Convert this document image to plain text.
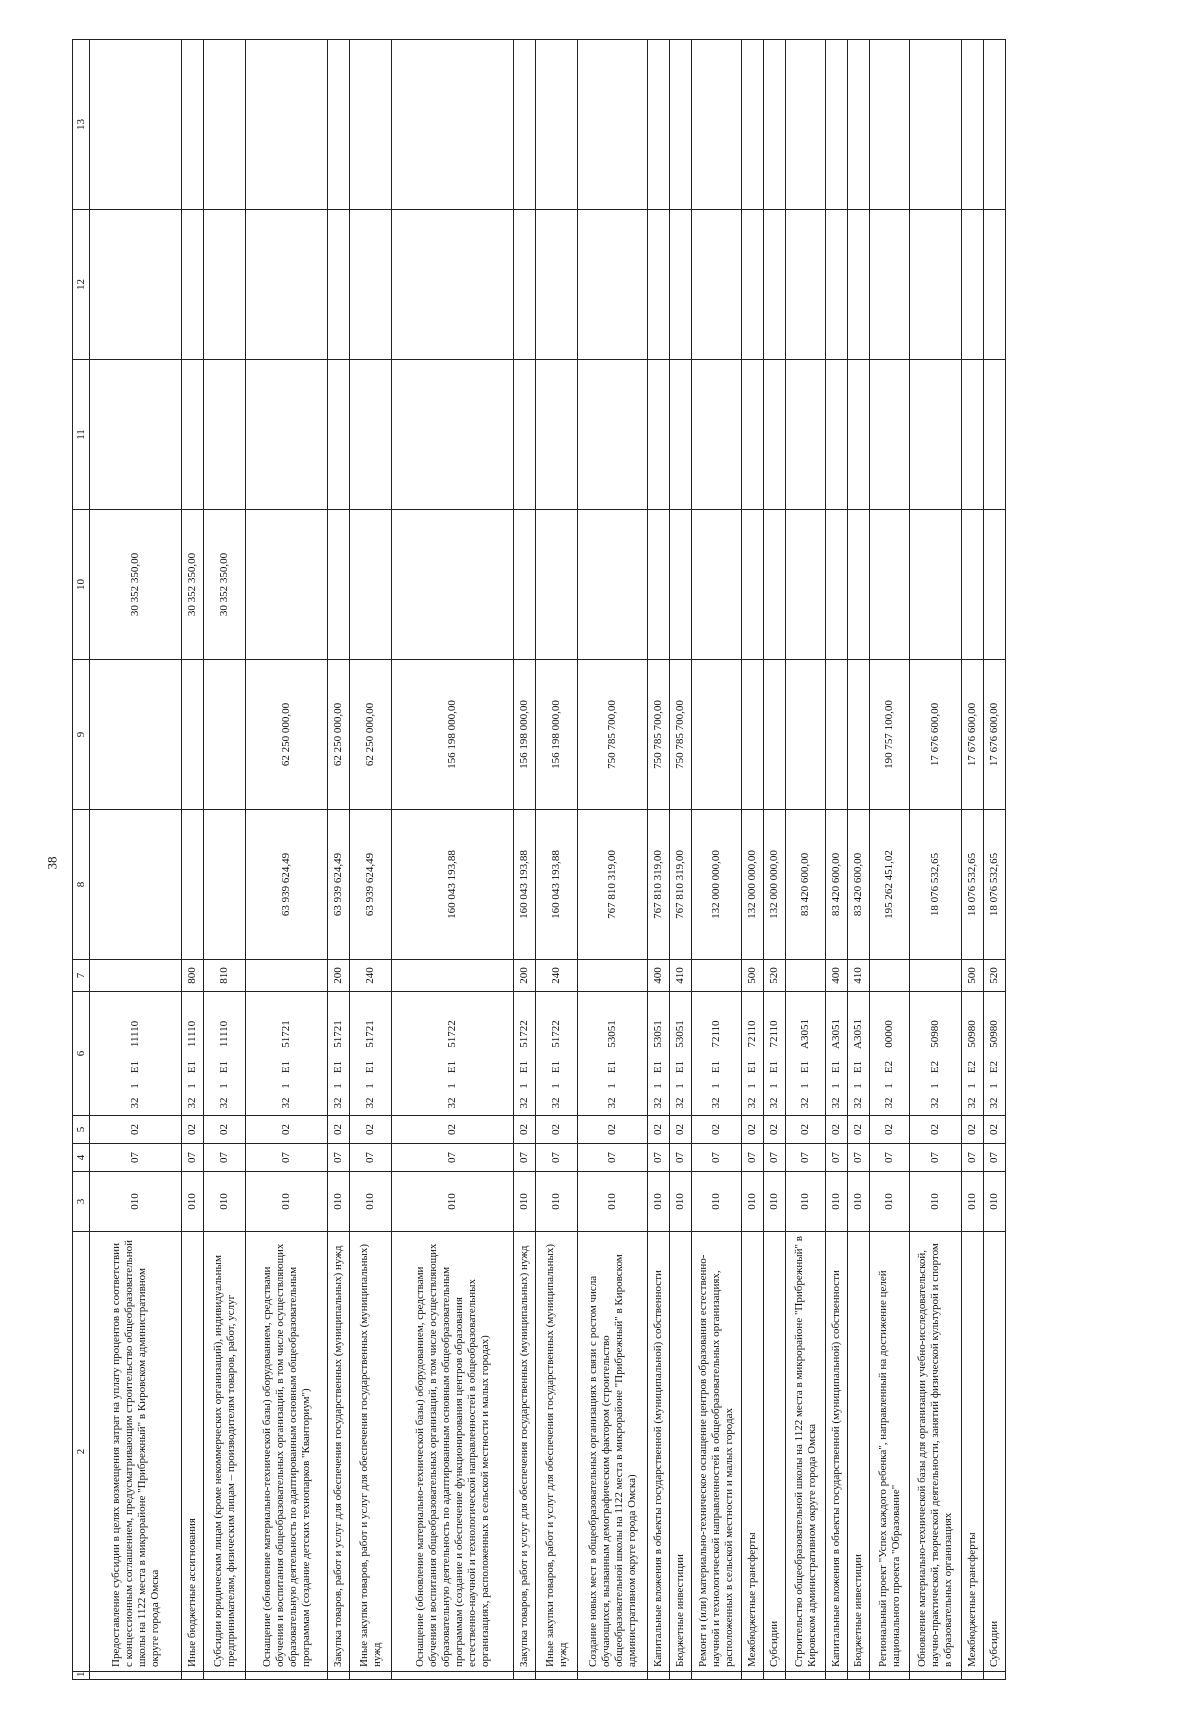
38
1	2	3	4	5	6	7	8	9	10	11	12	13
	Предоставление субсидии в целях возмещения затрат на уплату процентов в соответствии с концессионным соглашением, предусматривающим строительство общеобразовательной школы на 1122 места в микрорайоне "Прибрежный" в Кировском административном округе города Омска	010	07	02	321E111110				30 352 350,00			
	Иные бюджетные ассигнования	010	07	02	321E111110	800			30 352 350,00			
	Субсидии юридическим лицам (кроме некоммерческих организаций), индивидуальным предпринимателям, физическим лицам – производителям товаров, работ, услуг	010	07	02	321E111110	810			30 352 350,00			
	Оснащение (обновление материально-технической базы) оборудованием, средствами обучения и воспитания общеобразовательных организаций, в том числе осуществляющих образовательную деятельность по адаптированным основным общеобразовательным программам (создание детских технопарков "Кванториум")	010	07	02	321E151721		63 939 624,49	62 250 000,00				
	Закупка товаров, работ и услуг для обеспечения государственных (муниципальных) нужд	010	07	02	321E151721	200	63 939 624,49	62 250 000,00				
	Иные закупки товаров, работ и услуг для обеспечения государственных (муниципальных) нужд	010	07	02	321E151721	240	63 939 624,49	62 250 000,00				
	Оснащение (обновление материально-технической базы) оборудованием, средствами обучения и воспитания общеобразовательных организаций, в том числе осуществляющих образовательную деятельность по адаптированным основным общеобразовательным программам (создание и обеспечение функционирования центров образования естественно-научной и технологической направленностей в общеобразовательных организациях, расположенных в сельской местности и малых городах)	010	07	02	321E151722		160 043 193,88	156 198 000,00				
	Закупка товаров, работ и услуг для обеспечения государственных (муниципальных) нужд	010	07	02	321E151722	200	160 043 193,88	156 198 000,00				
	Иные закупки товаров, работ и услуг для обеспечения государственных (муниципальных) нужд	010	07	02	321E151722	240	160 043 193,88	156 198 000,00				
	Создание новых мест в общеобразовательных организациях в связи с ростом числа обучающихся, вызванным демографическим фактором (строительство общеобразовательной школы на 1122 места в микрорайоне "Прибрежный" в Кировском административном округе города Омска)	010	07	02	321E153051		767 810 319,00	750 785 700,00				
	Капитальные вложения в объекты государственной (муниципальной) собственности	010	07	02	321E153051	400	767 810 319,00	750 785 700,00				
	Бюджетные инвестиции	010	07	02	321E153051	410	767 810 319,00	750 785 700,00				
	Ремонт и (или) материально-техническое оснащение центров образования естественно-научной и технологической направленностей в общеобразовательных организациях, расположенных в сельской местности и малых городах	010	07	02	321E172110		132 000 000,00					
	Межбюджетные трансферты	010	07	02	321E172110	500	132 000 000,00					
	Субсидии	010	07	02	321E172110	520	132 000 000,00					
	Строительство общеобразовательной школы на 1122 места в микрорайоне "Прибрежный" в Кировском административном округе города Омска	010	07	02	321E1А3051		83 420 600,00					
	Капитальные вложения в объекты государственной (муниципальной) собственности	010	07	02	321E1А3051	400	83 420 600,00					
	Бюджетные инвестиции	010	07	02	321E1А3051	410	83 420 600,00					
	Региональный проект "Успех каждого ребенка", направленный на достижение целей национального проекта "Образование"	010	07	02	321E200000		195 262 451,02	190 757 100,00				
	Обновление материально-технической базы для организации учебно-исследовательской, научно-практической, творческой деятельности, занятий физической культурой и спортом в образовательных организациях	010	07	02	321E250980		18 076 532,65	17 676 600,00				
	Межбюджетные трансферты	010	07	02	321E250980	500	18 076 532,65	17 676 600,00				
	Субсидии	010	07	02	321E250980	520	18 076 532,65	17 676 600,00				
